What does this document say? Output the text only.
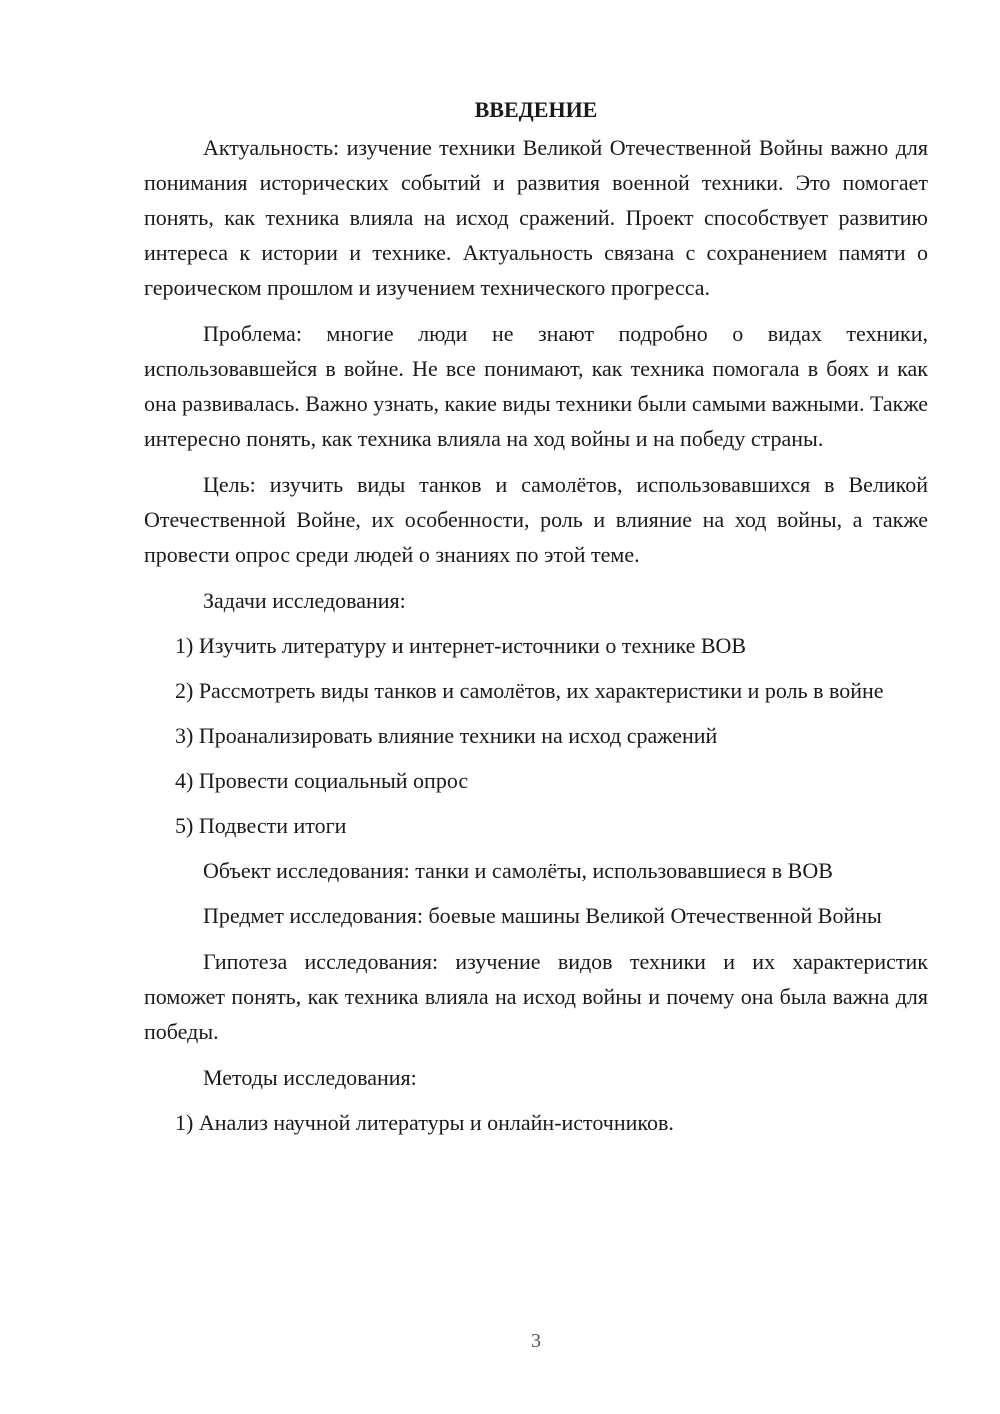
ВВЕДЕНИЕ

Актуальность: изучение техники Великой Отечественной Войны важно для понимания исторических событий и развития военной техники. Это помогает понять, как техника влияла на исход сражений. Проект способствует развитию интереса к истории и технике. Актуальность связана с сохранением памяти о героическом прошлом и изучением технического прогресса.

Проблема: многие люди не знают подробно о видах техники, использовавшейся в войне. Не все понимают, как техника помогала в боях и как она развивалась. Важно узнать, какие виды техники были самыми важными. Также интересно понять, как техника влияла на ход войны и на победу страны.

Цель: изучить виды танков и самолётов, использовавшихся в Великой Отечественной Войне, их особенности, роль и влияние на ход войны, а также провести опрос среди людей о знаниях по этой теме.

Задачи исследования:

1) Изучить литературу и интернет-источники о технике ВОВ

2) Рассмотреть виды танков и самолётов, их характеристики и роль в войне

3) Проанализировать влияние техники на исход сражений

4) Провести социальный опрос

5) Подвести итоги

Объект исследования: танки и самолёты, использовавшиеся в ВОВ

Предмет исследования: боевые машины Великой Отечественной Войны

Гипотеза исследования: изучение видов техники и их характеристик поможет понять, как техника влияла на исход войны и почему она была важна для победы.

Методы исследования:

1) Анализ научной литературы и онлайн-источников.

3
